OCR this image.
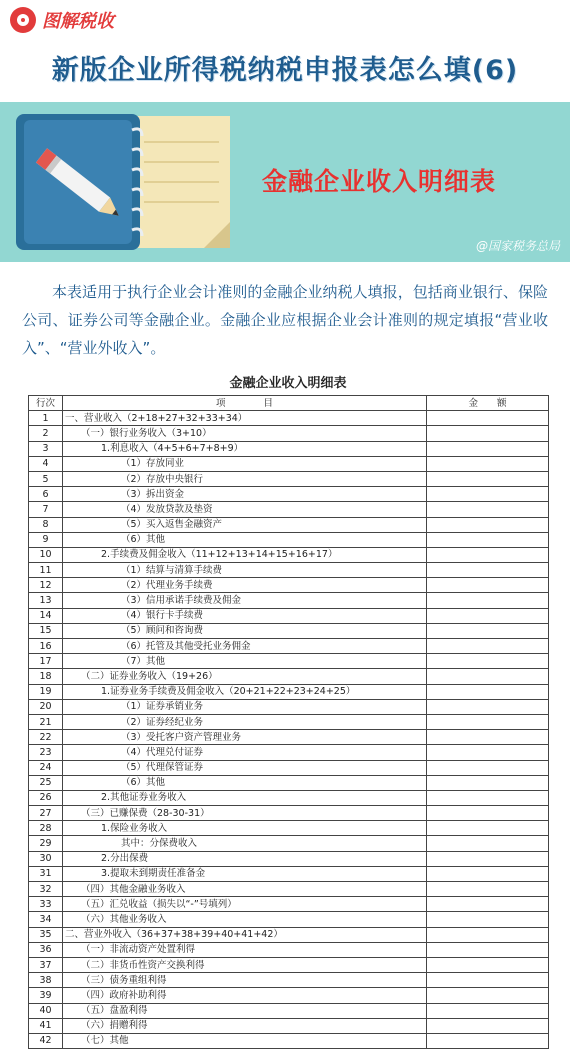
图解税收
新版企业所得税纳税申报表怎么填(6)
金融企业收入明细表
@国家税务总局
本表适用于执行企业会计准则的金融企业纳税人填报，包括商业银行、保险公司、证券公司等金融企业。金融企业应根据企业会计准则的规定填报“营业收入”、“营业外收入”。
金融企业收入明细表
行次	项　　　　目	金　　额
1	一、营业收入（2+18+27+32+33+34）	
2	（一）银行业务收入（3+10）	
3	1.利息收入（4+5+6+7+8+9）	
4	（1）存放同业	
5	（2）存放中央银行	
6	（3）拆出资金	
7	（4）发放贷款及垫资	
8	（5）买入返售金融资产	
9	（6）其他	
10	2.手续费及佣金收入（11+12+13+14+15+16+17）	
11	（1）结算与清算手续费	
12	（2）代理业务手续费	
13	（3）信用承诺手续费及佣金	
14	（4）银行卡手续费	
15	（5）顾问和咨询费	
16	（6）托管及其他受托业务佣金	
17	（7）其他	
18	（二）证券业务收入（19+26）	
19	1.证券业务手续费及佣金收入（20+21+22+23+24+25）	
20	（1）证券承销业务	
21	（2）证券经纪业务	
22	（3）受托客户资产管理业务	
23	（4）代理兑付证券	
24	（5）代理保管证券	
25	（6）其他	
26	2.其他证券业务收入	
27	（三）已赚保费（28-30-31）	
28	1.保险业务收入	
29	其中：分保费收入	
30	2.分出保费	
31	3.提取未到期责任准备金	
32	（四）其他金融业务收入	
33	（五）汇兑收益（损失以“-”号填列）	
34	（六）其他业务收入	
35	二、营业外收入（36+37+38+39+40+41+42）	
36	（一）非流动资产处置利得	
37	（二）非货币性资产交换利得	
38	（三）债务重组利得	
39	（四）政府补助利得	
40	（五）盘盈利得	
41	（六）捐赠利得	
42	（七）其他	
